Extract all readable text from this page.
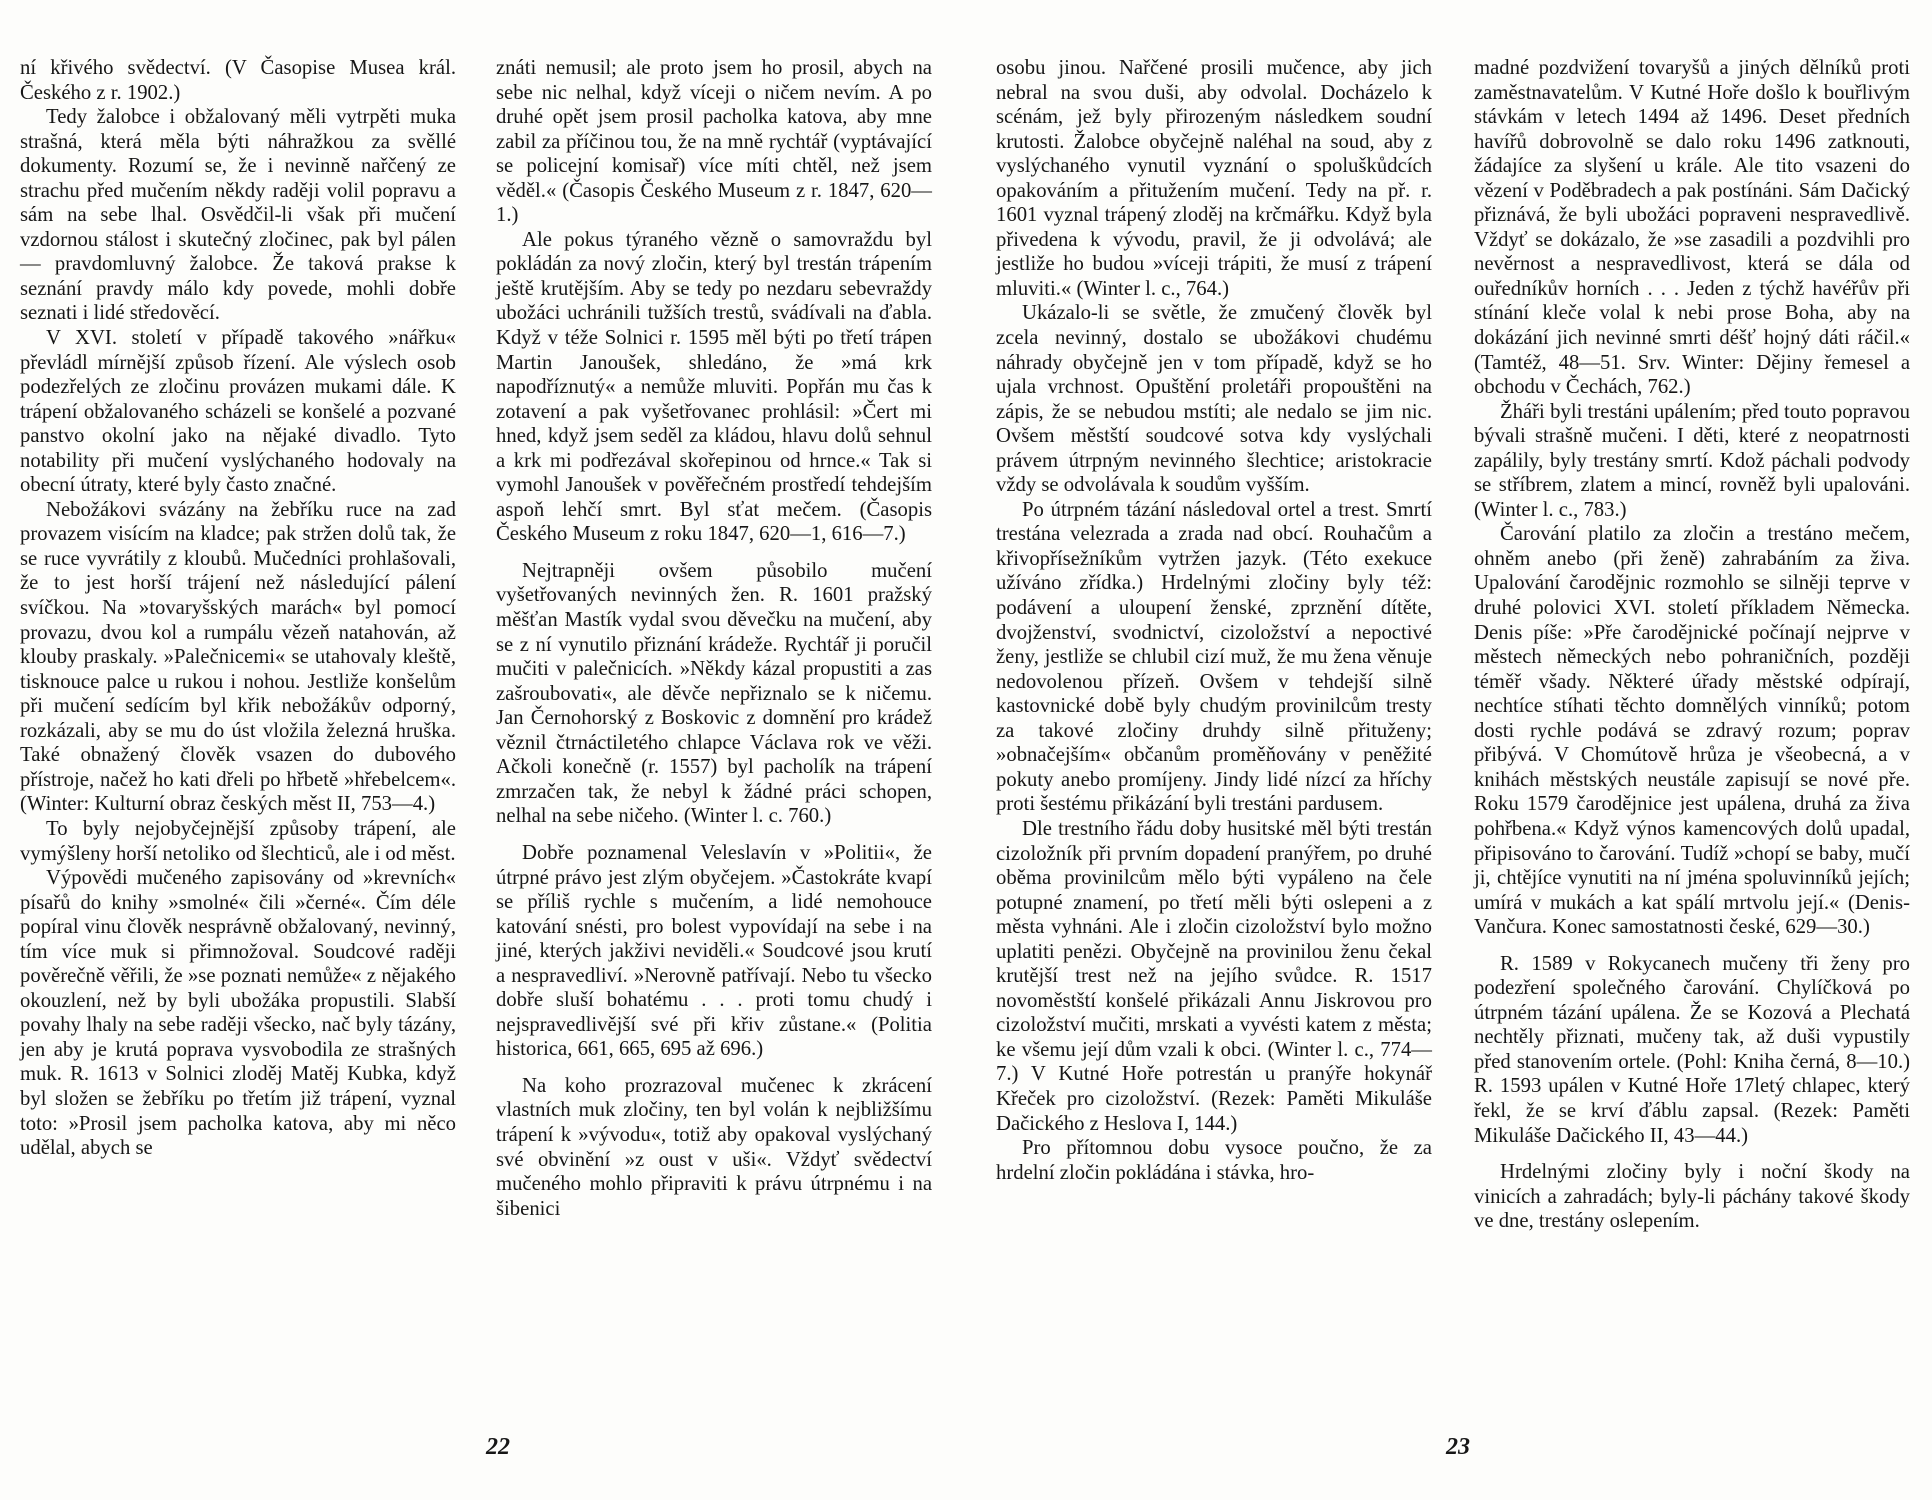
ní křivého svědectví. (V Časopise Musea král. Českého z r. 1902.)

Tedy žalobce i obžalovaný měli vytrpěti muka strašná, která měla býti náhražkou za svěllé dokumenty. Rozumí se, že i nevinně nařčený ze strachu před mučením někdy raději volil popravu a sám na sebe lhal. Osvědčil-li však při mučení vzdornou stálost i skutečný zločinec, pak byl pálen — pravdomluvný žalobce. Že taková prakse k seznání pravdy málo kdy povede, mohli dobře seznati i lidé středověcí.

V XVI. století v případě takového »nářku« převládl mírnější způsob řízení. Ale výslech osob podezřelých ze zločinu provázen mukami dále. K trápení obžalovaného scházeli se konšelé a pozvané panstvo okolní jako na nějaké divadlo. Tyto notability při mučení vyslýchaného hodovaly na obecní útraty, které byly často značné.

Nebožákovi svázány na žebříku ruce na zad provazem visícím na kladce; pak stržen dolů tak, že se ruce vyvrátily z kloubů. Mučedníci prohlašovali, že to jest horší trájení než následující pálení svíčkou. Na »tovaryšských marách« byl pomocí provazu, dvou kol a rumpálu vězeň natahován, až klouby praskaly. »Palečnicemi« se utahovaly kleště, tisknouce palce u rukou i nohou. Jestliže konšelům při mučení sedícím byl křik nebožákův odporný, rozkázali, aby se mu do úst vložila železná hruška. Také obnažený člověk vsazen do dubového přístroje, načež ho kati dřeli po hřbetě »hřebelcem«. (Winter: Kulturní obraz českých měst II, 753—4.)

To byly nejobyčejnější způsoby trápení, ale vymýšleny horší netoliko od šlechticů, ale i od měst.

Výpovědi mučeného zapisovány od »krevních« písařů do knihy »smolné« čili »černé«. Čím déle popíral vinu člověk nesprávně obžalovaný, nevinný, tím více muk si přimnožoval. Soudcové raději pověrečně věřili, že »se poznati nemůže« z nějakého okouzlení, než by byli ubožáka propustili. Slabší povahy lhaly na sebe raději všecko, nač byly tázány, jen aby je krutá poprava vysvobodila ze strašných muk. R. 1613 v Solnici zloděj Matěj Kubka, když byl složen se žebříku po třetím již trápení, vyznal toto: »Prosil jsem pacholka katova, aby mi něco udělal, abych se

znáti nemusil; ale proto jsem ho prosil, abych na sebe nic nelhal, když víceji o ničem nevím. A po druhé opět jsem prosil pacholka katova, aby mne zabil za příčinou tou, že na mně rychtář (vyptávající se policejní komisař) více míti chtěl, než jsem věděl.« (Časopis Českého Museum z r. 1847, 620—1.)

Ale pokus týraného vězně o samovraždu byl pokládán za nový zločin, který byl trestán trápením ještě krutějším. Aby se tedy po nezdaru sebevraždy ubožáci uchránili tužších trestů, svádívali na ďabla. Když v téže Solnici r. 1595 měl býti po třetí trápen Martin Janoušek, shledáno, že »má krk napodříznutý« a nemůže mluviti. Popřán mu čas k zotavení a pak vyšetřovanec prohlásil: »Čert mi hned, když jsem seděl za kládou, hlavu dolů sehnul a krk mi podřezával skořepinou od hrnce.« Tak si vymohl Janoušek v pověřečném prostředí tehdejším aspoň lehčí smrt. Byl sťat mečem. (Časopis Českého Museum z roku 1847, 620—1, 616—7.)

Nejtrapněji ovšem působilo mučení vyšetřovaných nevinných žen. R. 1601 pražský měšťan Mastík vydal svou děvečku na mučení, aby se z ní vynutilo přiznání krádeže. Rychtář ji poručil mučiti v palečnicích. »Někdy kázal propustiti a zas zašroubovati«, ale děvče nepřiznalo se k ničemu. Jan Černohorský z Boskovic z domnění pro krádež věznil čtrnáctiletého chlapce Václava rok ve věži. Ačkoli konečně (r. 1557) byl pacholík na trápení zmrzačen tak, že nebyl k žádné práci schopen, nelhal na sebe ničeho. (Winter l. c. 760.)

Dobře poznamenal Veleslavín v »Politii«, že útrpné právo jest zlým obyčejem. »Častokráte kvapí se příliš rychle s mučením, a lidé nemohouce katování snésti, pro bolest vypovídají na sebe i na jiné, kterých jakživi neviděli.« Soudcové jsou krutí a nespravedliví. »Nerovně patřívají. Nebo tu všecko dobře sluší bohatému . . . proti tomu chudý i nejspravedlivější své při křiv zůstane.« (Politia historica, 661, 665, 695 až 696.)

Na koho prozrazoval mučenec k zkrácení vlastních muk zločiny, ten byl volán k nejbližšímu trápení k »vývodu«, totiž aby opakoval vyslýchaný své obvinění »z oust v uši«. Vždyť svědectví mučeného mohlo připraviti k právu útrpnému i na šibenici

22

osobu jinou. Nařčené prosili mučence, aby jich nebral na svou duši, aby odvolal. Docházelo k scénám, jež byly přirozeným následkem soudní krutosti. Žalobce obyčejně naléhal na soud, aby z vyslýchaného vynutil vyznání o spoluškůdcích opakováním a přitužením mučení. Tedy na př. r. 1601 vyznal trápený zloděj na krčmářku. Když byla přivedena k vývodu, pravil, že ji odvolává; ale jestliže ho budou »víceji trápiti, že musí z trápení mluviti.« (Winter l. c., 764.)

Ukázalo-li se světle, že zmučený člověk byl zcela nevinný, dostalo se ubožákovi chudému náhrady obyčejně jen v tom případě, když se ho ujala vrchnost. Opuštění proletáři propouštěni na zápis, že se nebudou mstíti; ale nedalo se jim nic. Ovšem městští soudcové sotva kdy vyslýchali právem útrpným nevinného šlechtice; aristokracie vždy se odvolávala k soudům vyšším.

Po útrpném tázání následoval ortel a trest. Smrtí trestána velezrada a zrada nad obcí. Rouhačům a křivopřísežníkům vytržen jazyk. (Této exekuce užíváno zřídka.) Hrdelnými zločiny byly též: podávení a uloupení ženské, zprznění dítěte, dvojženství, svodnictví, cizoložství a nepoctivé ženy, jestliže se chlubil cizí muž, že mu žena věnuje nedovolenou přízeň. Ovšem v tehdejší silně kastovnické době byly chudým provinilcům tresty za takové zločiny druhdy silně přituženy; »obnačejším« občanům proměňovány v peněžité pokuty anebo promíjeny. Jindy lidé nízcí za hříchy proti šestému přikázání byli trestáni pardusem.

Dle trestního řádu doby husitské měl býti trestán cizoložník při prvním dopadení pranýřem, po druhé oběma provinilcům mělo býti vypáleno na čele potupné znamení, po třetí měli býti oslepeni a z města vyhnáni. Ale i zločin cizoložství bylo možno uplatiti penězi. Obyčejně na provinilou ženu čekal krutější trest než na jejího svůdce. R. 1517 novoměstští konšelé přikázali Annu Jiskrovou pro cizoložství mučiti, mrskati a vyvésti katem z města; ke všemu její dům vzali k obci. (Winter l. c., 774—7.) V Kutné Hoře potrestán u pranýře hokynář Křeček pro cizoložství. (Rezek: Paměti Mikuláše Dačického z Heslova I, 144.)

Pro přítomnou dobu vysoce poučno, že za hrdelní zločin pokládána i stávka, hro-

madné pozdvižení tovaryšů a jiných dělníků proti zaměstnavatelům. V Kutné Hoře došlo k bouřlivým stávkám v letech 1494 až 1496. Deset předních havířů dobrovolně se dalo roku 1496 zatknouti, žádajíce za slyšení u krále. Ale tito vsazeni do vězení v Poděbradech a pak postínáni. Sám Dačický přiznává, že byli ubožáci popraveni nespravedlivě. Vždyť se dokázalo, že »se zasadili a pozdvihli pro nevěrnost a nespravedlivost, která se dála od ouředníkův horních . . . Jeden z týchž havéřův při stínání kleče volal k nebi prose Boha, aby na dokázání jich nevinné smrti déšť hojný dáti ráčil.« (Tamtéž, 48—51. Srv. Winter: Dějiny řemesel a obchodu v Čechách, 762.)

Žháři byli trestáni upálením; před toutо popravou bývali strašně mučeni. I děti, které z neopatrnosti zapálily, byly trestány smrtí. Kdož páchali podvody se stříbrem, zlatem a mincí, rovněž byli upalováni. (Winter l. c., 783.)

Čarování platilo za zločin a trestáno mečem, ohněm anebo (při ženě) zahrabáním za živa. Upalování čarodějnic rozmohlo se silněji teprve v druhé polovici XVI. století příkladem Německa. Denis píše: »Pře čarodějnické počínají nejprve v městech německých nebo pohraničních, později téměř všady. Některé úřady městské odpírají, nechtíce stíhati těchto domnělých vinníků; potom dosti rychle podává se zdravý rozum; poprav přibývá. V Chomútově hrůza je všeobecná, a v knihách městských neustále zapisují se nové pře. Roku 1579 čarodějnice jest upálena, druhá za živa pohřbena.« Když výnos kamencových dolů upadal, připisováno to čarování. Tudíž »chopí se baby, mučí ji, chtějíce vynutiti na ní jména spoluvinníků jejích; umírá v mukách a kat spálí mrtvolu její.« (Denis-Vančura. Konec samostatnosti české, 629—30.)

R. 1589 v Rokycanech mučeny tři ženy pro podezření společného čarování. Chylíčková po útrpném tázání upálena. Že se Kozová a Plechatá nechtěly přiznati, mučeny tak, až duši vypustily před stanovením ortele. (Pohl: Kniha černá, 8—10.) R. 1593 upálen v Kutné Hoře 17letý chlapec, který řekl, že se krví ďáblu zapsal. (Rezek: Paměti Mikuláše Dačického II, 43—44.)

Hrdelnými zločiny byly i noční škody na vinicích a zahradách; byly-li páchány takové škody ve dne, trestány oslepením.

23
